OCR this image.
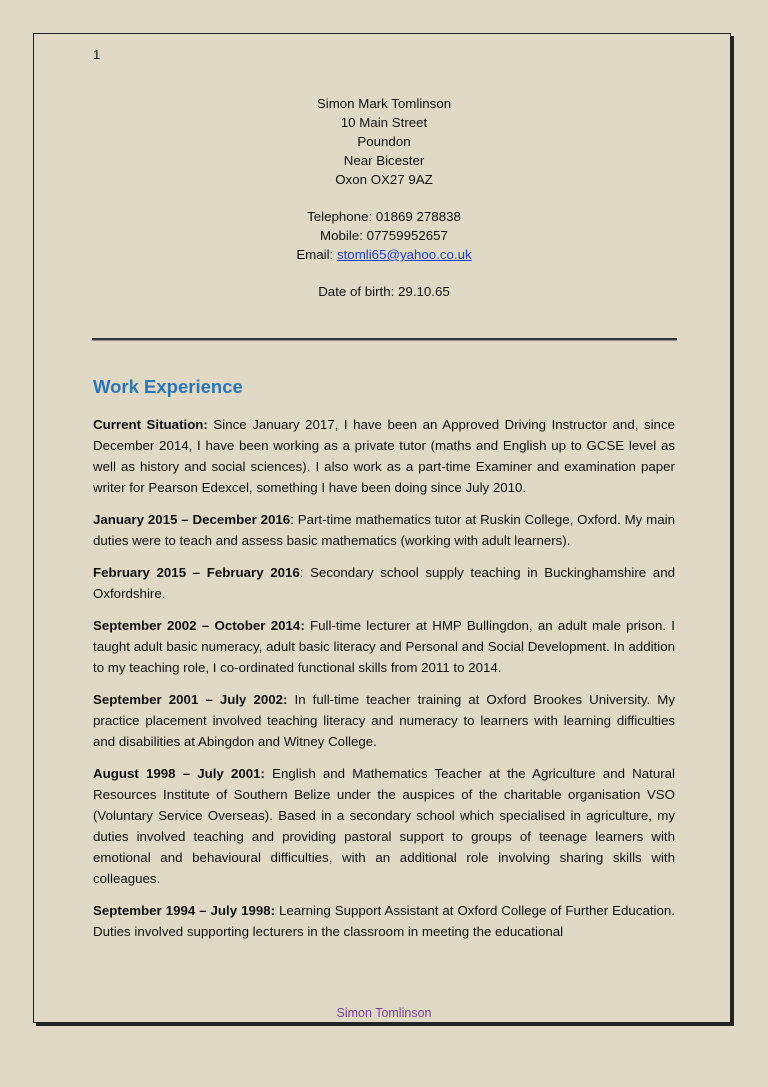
1

Simon Mark Tomlinson

10 Main Street

Poundon

Near Bicester

Oxon OX27 9AZ

Telephone: 01869 278838

Mobile: 07759952657

Email: stomli65@yahoo.co.uk

Date of birth: 29.10.65

Work Experience

Current Situation: Since January 2017, I have been an Approved Driving Instructor and, since December 2014, I have been working as a private tutor (maths and English up to GCSE level as well as history and social sciences). I also work as a part-time Examiner and examination paper writer for Pearson Edexcel, something I have been doing since July 2010.

January 2015 – December 2016: Part-time mathematics tutor at Ruskin College, Oxford. My main duties were to teach and assess basic mathematics (working with adult learners).

February 2015 – February 2016: Secondary school supply teaching in Buckinghamshire and Oxfordshire.

September 2002 – October 2014: Full-time lecturer at HMP Bullingdon, an adult male prison. I taught adult basic numeracy, adult basic literacy and Personal and Social Development. In addition to my teaching role, I co-ordinated functional skills from 2011 to 2014.

September 2001 – July 2002: In full-time teacher training at Oxford Brookes University. My practice placement involved teaching literacy and numeracy to learners with learning difficulties and disabilities at Abingdon and Witney College.

August 1998 – July 2001: English and Mathematics Teacher at the Agriculture and Natural Resources Institute of Southern Belize under the auspices of the charitable organisation VSO (Voluntary Service Overseas). Based in a secondary school which specialised in agriculture, my duties involved teaching and providing pastoral support to groups of teenage learners with emotional and behavioural difficulties, with an additional role involving sharing skills with colleagues.

September 1994 – July 1998: Learning Support Assistant at Oxford College of Further Education. Duties involved supporting lecturers in the classroom in meeting the educational

Simon Tomlinson
